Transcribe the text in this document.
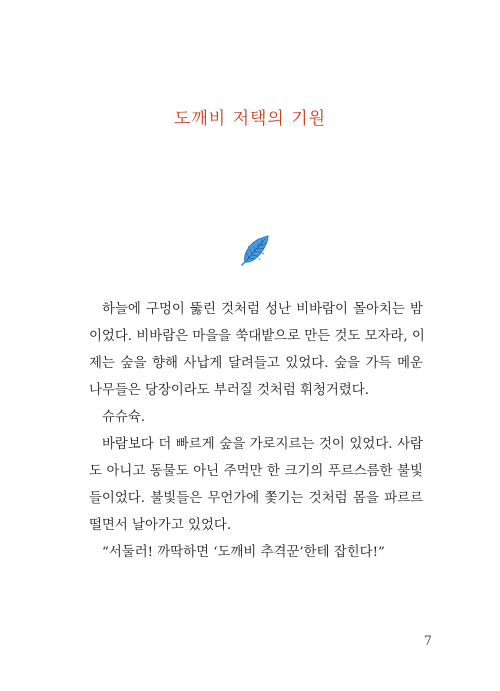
도깨비 저택의 기원

하늘에 구멍이 뚫린 것처럼 성난 비바람이 몰아치는 밤
이었다. 비바람은 마을을 쑥대밭으로 만든 것도 모자라, 이
제는 숲을 향해 사납게 달려들고 있었다. 숲을 가득 메운
나무들은 당장이라도 부러질 것처럼 휘청거렸다.

슈슈슉.

바람보다 더 빠르게 숲을 가로지르는 것이 있었다. 사람
도 아니고 동물도 아닌 주먹만 한 크기의 푸르스름한 불빛
들이었다. 불빛들은 무언가에 쫓기는 것처럼 몸을 파르르
떨면서 날아가고 있었다.

“서둘러! 까딱하면 ‘도깨비 추격꾼’한테 잡힌다!”

7
